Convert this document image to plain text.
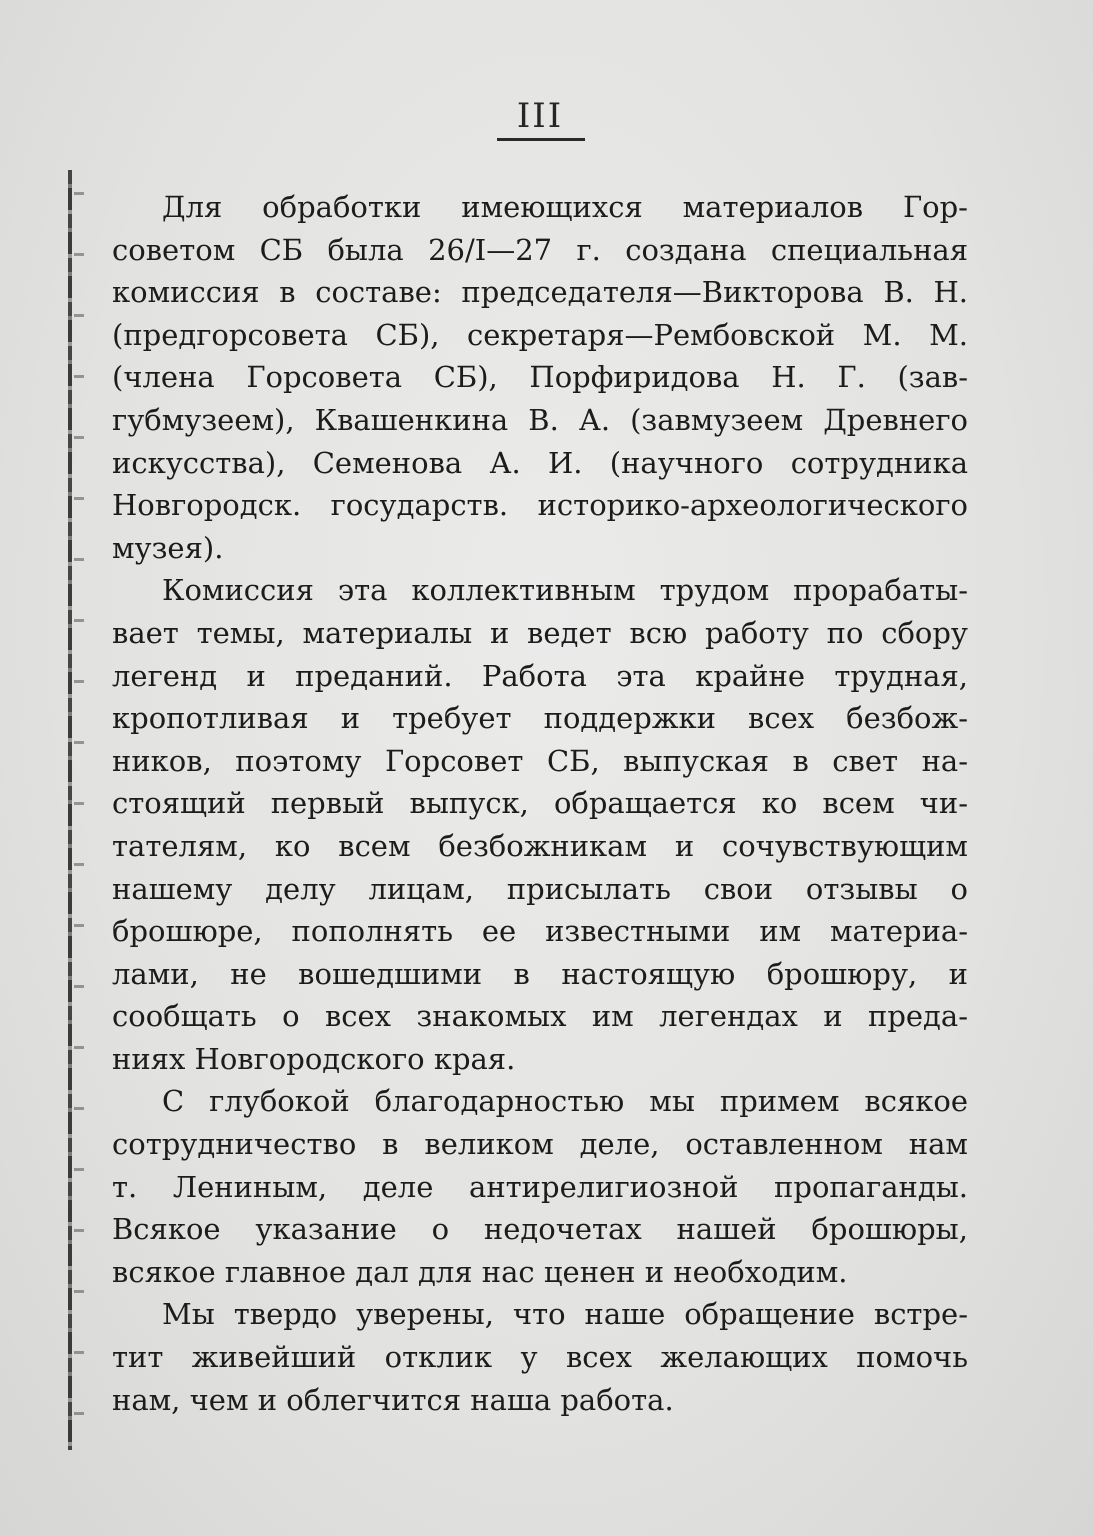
III

Для обработки имеющихся материалов Гор-
советом СБ была 26/I—27 г. создана специальная
комиссия в составе: председателя—Викторова В. Н.
(предгорсовета СБ), секретаря—Рембовской М. М.
(члена Горсовета СБ), Порфиридова Н. Г. (зав-
губмузеем), Квашенкина В. А. (завмузеем Древнего
искусства), Семенова А. И. (научного сотрудника
Новгородск. государств. историко-археологического
музея).

Комиссия эта коллективным трудом прорабаты-
вает темы, материалы и ведет всю работу по сбору
легенд и преданий. Работа эта крайне трудная,
кропотливая и требует поддержки всех безбож-
ников, поэтому Горсовет СБ, выпуская в свет на-
стоящий первый выпуск, обращается ко всем чи-
тателям, ко всем безбожникам и сочувствующим
нашему делу лицам, присылать свои отзывы о
брошюре, пополнять ее известными им материа-
лами, не вошедшими в настоящую брошюру, и
сообщать о всех знакомых им легендах и преда-
ниях Новгородского края.

С глубокой благодарностью мы примем всякое
сотрудничество в великом деле, оставленном нам
т. Лениным, деле антирелигиозной пропаганды.
Всякое указание о недочетах нашей брошюры,
всякое главное дал для нас ценен и необходим.

Мы твердо уверены, что наше обращение встре-
тит живейший отклик у всех желающих помочь
нам, чем и облегчится наша работа.
